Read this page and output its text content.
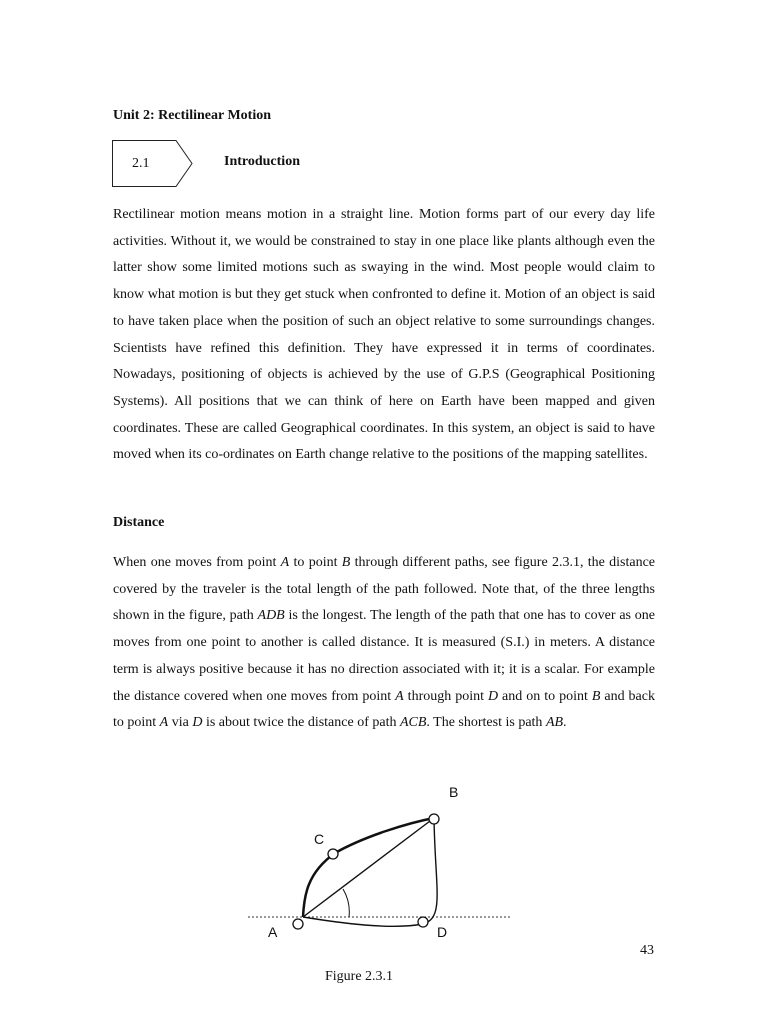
Unit 2: Rectilinear Motion
2.1	Introduction

Rectilinear motion means motion in a straight line. Motion forms part of our every day life activities. Without it, we would be constrained to stay in one place like plants although even the latter show some limited motions such as swaying in the wind. Most people would claim to know what motion is but they get stuck when confronted to define it. Motion of an object is said to have taken place when the position of such an object relative to some surroundings changes. Scientists have refined this definition. They have expressed it in terms of coordinates. Nowadays, positioning of objects is achieved by the use of G.P.S (Geographical Positioning Systems). All positions that we can think of here on Earth have been mapped and given coordinates. These are called Geographical coordinates. In this system, an object is said to have moved when its co-ordinates on Earth change relative to the positions of the mapping satellites.

Distance

When one moves from point A to point B through different paths, see figure 2.3.1, the distance covered by the traveler is the total length of the path followed. Note that, of the three lengths shown in the figure, path ADB is the longest. The length of the path that one has to cover as one moves from one point to another is called distance. It is measured (S.I.) in meters. A distance term is always positive because it has no direction associated with it; it is a scalar. For example the distance covered when one moves from point A through point D and on to point B and back to point A via D is about twice the distance of path ACB. The shortest is path AB.

A
B
C
D
43
Figure 2.3.1
